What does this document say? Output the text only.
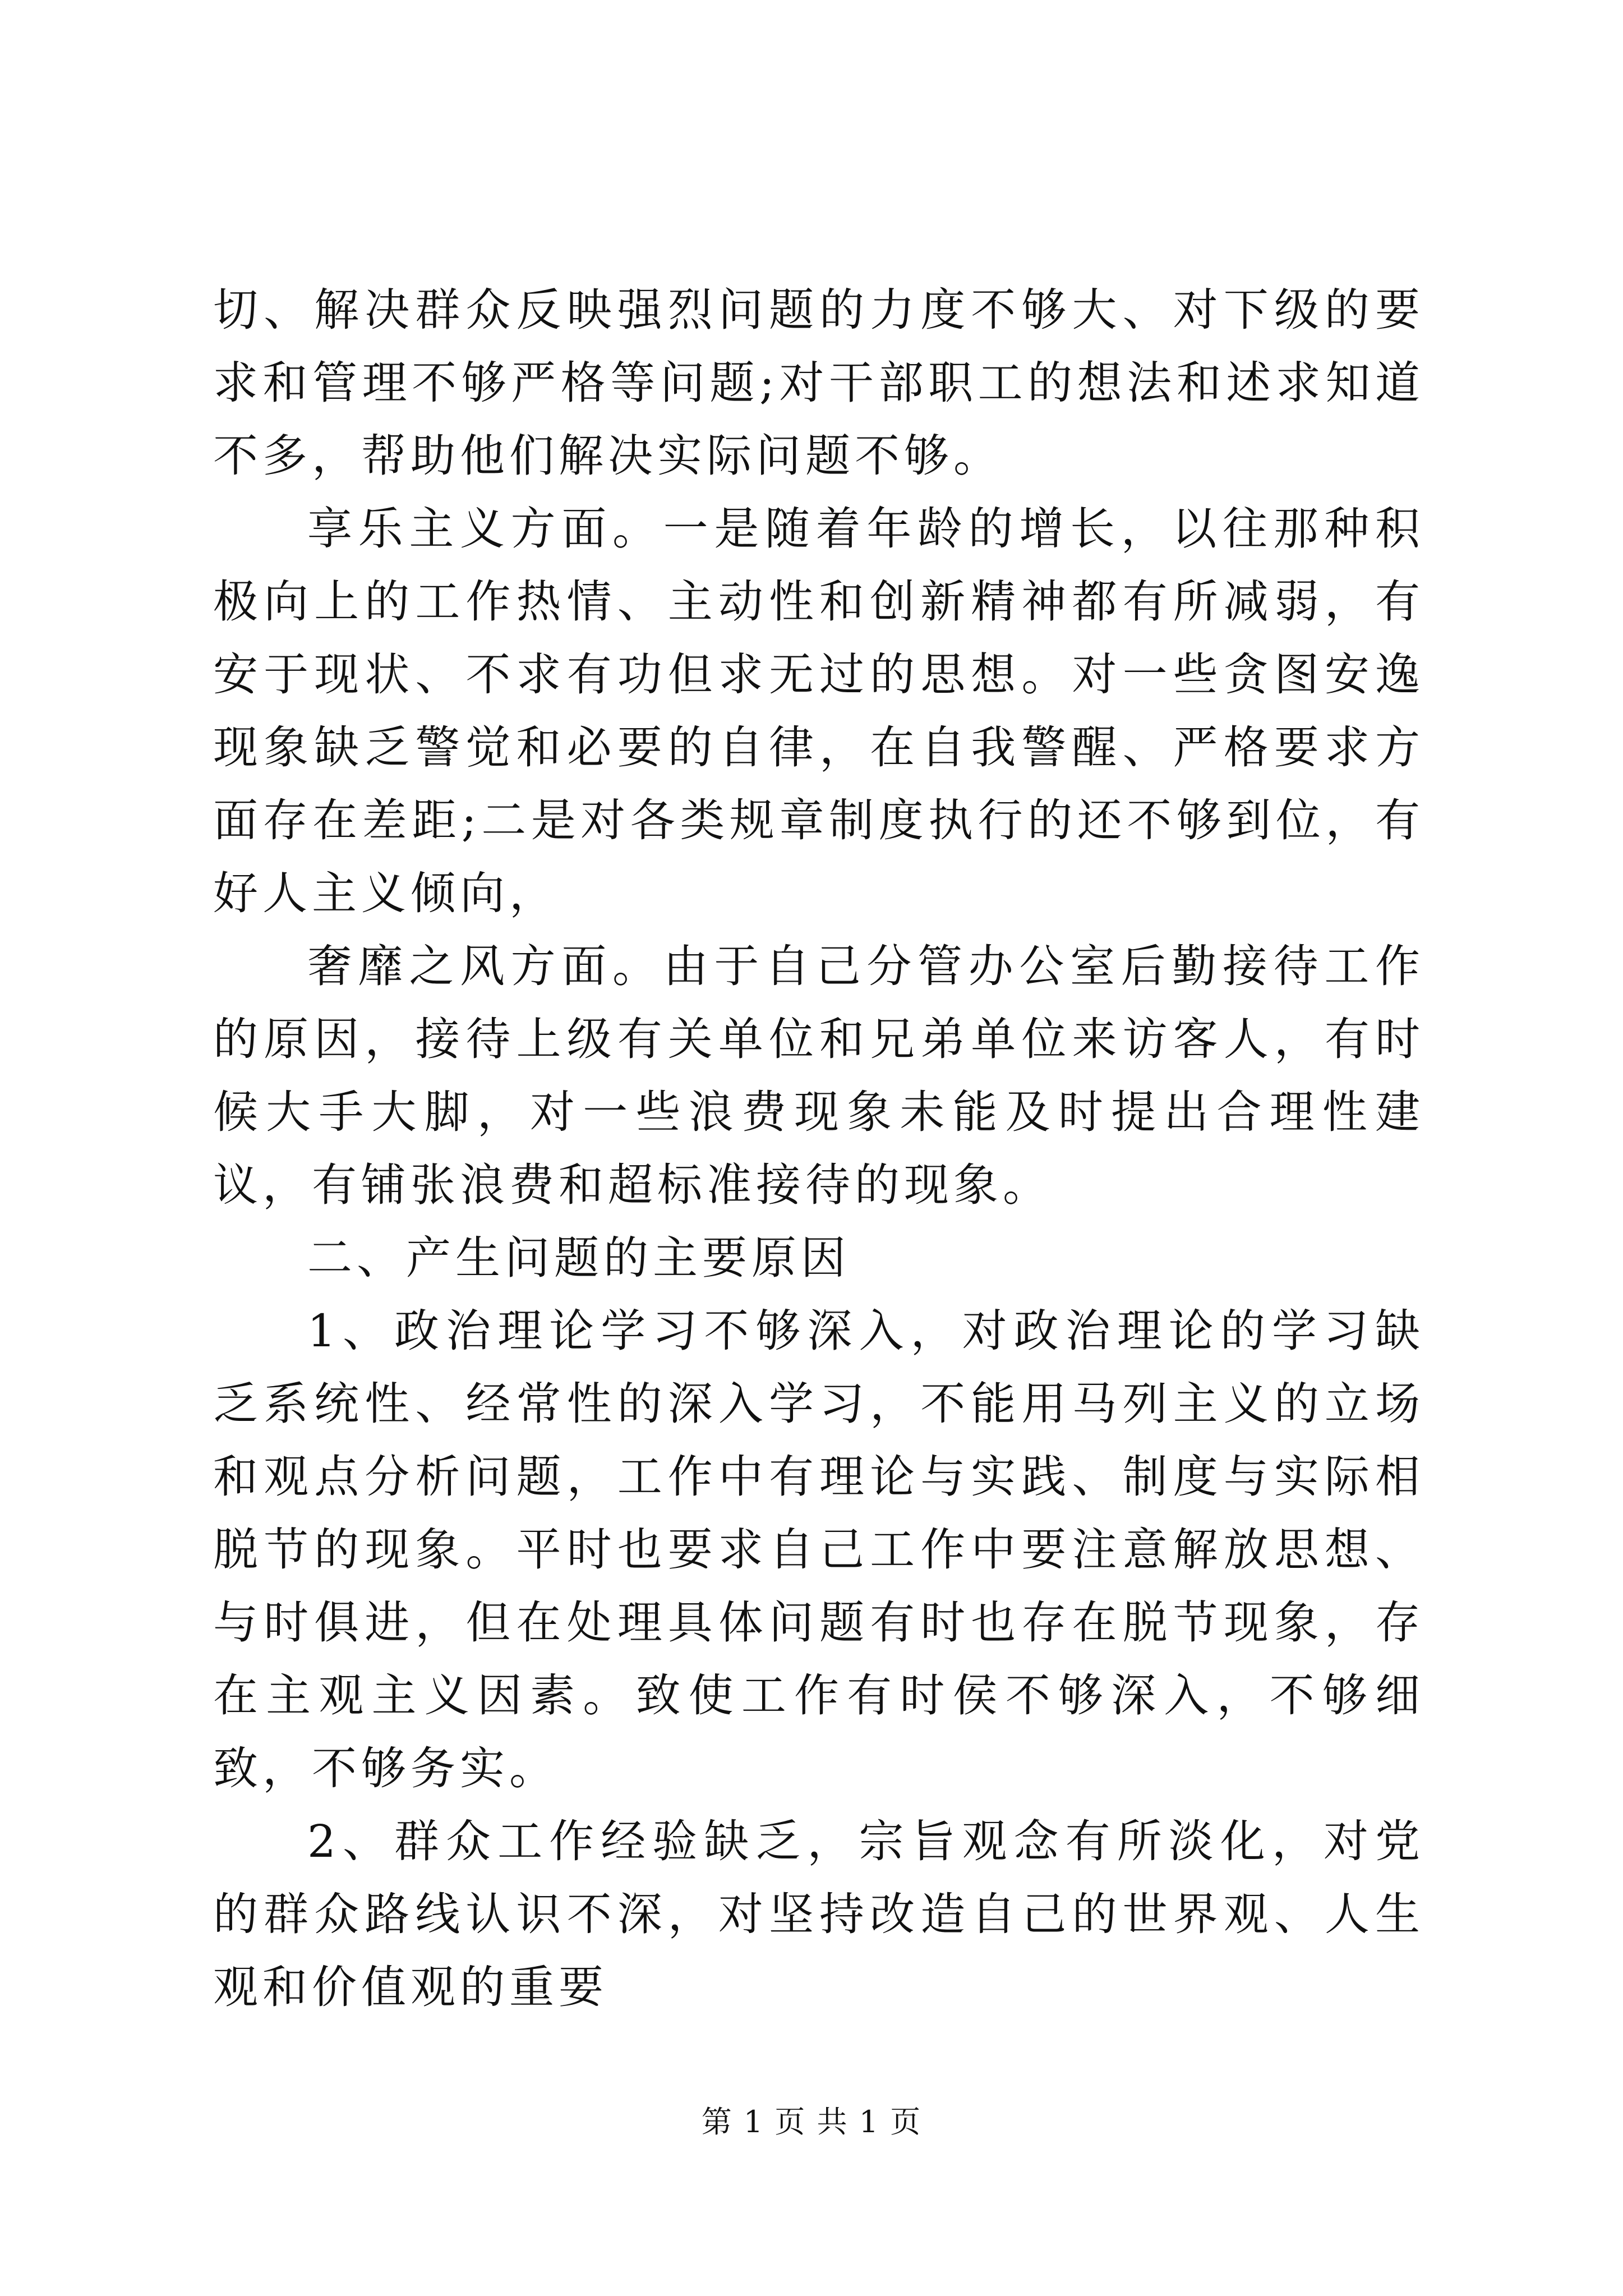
切、解决群众反映强烈问题的力度不够大、对下级的要求和管理不够严格等问题;对干部职工的想法和述求知道不多，帮助他们解决实际问题不够。

享乐主义方面。一是随着年龄的增长，以往那种积极向上的工作热情、主动性和创新精神都有所减弱，有安于现状、不求有功但求无过的思想。对一些贪图安逸现象缺乏警觉和必要的自律，在自我警醒、严格要求方面存在差距;二是对各类规章制度执行的还不够到位，有好人主义倾向，

奢靡之风方面。由于自己分管办公室后勤接待工作的原因，接待上级有关单位和兄弟单位来访客人，有时候大手大脚，对一些浪费现象未能及时提出合理性建议，有铺张浪费和超标准接待的现象。

二、产生问题的主要原因

1、政治理论学习不够深入，对政治理论的学习缺乏系统性、经常性的深入学习，不能用马列主义的立场和观点分析问题，工作中有理论与实践、制度与实际相脱节的现象。平时也要求自己工作中要注意解放思想、与时俱进，但在处理具体问题有时也存在脱节现象，存在主观主义因素。致使工作有时侯不够深入，不够细致，不够务实。

2、群众工作经验缺乏，宗旨观念有所淡化，对党的群众路线认识不深，对坚持改造自己的世界观、人生观和价值观的重要

第 1 页 共 1 页
